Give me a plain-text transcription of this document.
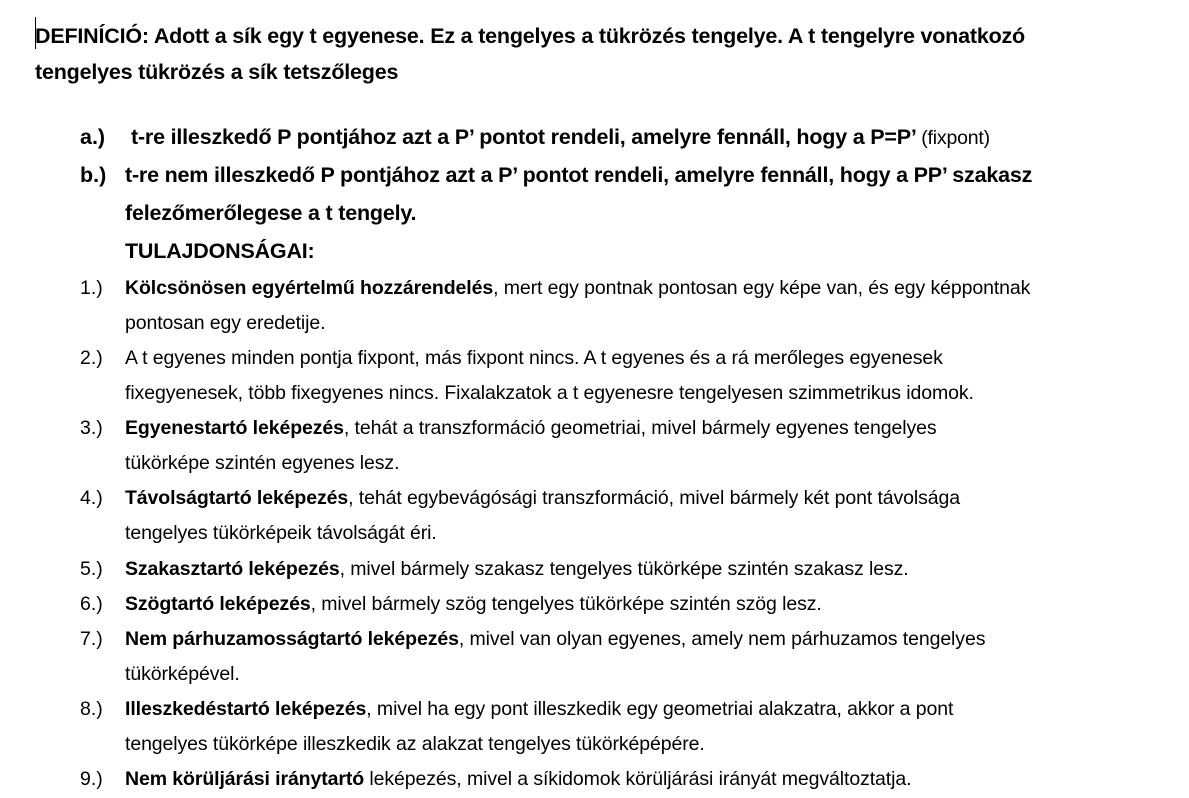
DEFINÍCIÓ: Adott a sík egy t egyenese. Ez a tengelyes a tükrözés tengelye. A t tengelyre vonatkozó
tengelyes tükrözés a sík tetszőleges
a.) t-re illeszkedő P pontjához azt a P’ pontot rendeli, amelyre fennáll, hogy a P=P’ (fixpont)
b.) t-re nem illeszkedő P pontjához azt a P’ pontot rendeli, amelyre fennáll, hogy a PP’ szakasz
felezőmerőlegese a t tengely.
TULAJDONSÁGAI:
1.) Kölcsönösen egyértelmű hozzárendelés, mert egy pontnak pontosan egy képe van, és egy képpontnak
pontosan egy eredetije.
2.) A t egyenes minden pontja fixpont, más fixpont nincs. A t egyenes és a rá merőleges egyenesek
fixegyenesek, több fixegyenes nincs. Fixalakzatok a t egyenesre tengelyesen szimmetrikus idomok.
3.) Egyenestartó leképezés, tehát a transzformáció geometriai, mivel bármely egyenes tengelyes
tükörképe szintén egyenes lesz.
4.) Távolságtartó leképezés, tehát egybevágósági transzformáció, mivel bármely két pont távolsága
tengelyes tükörképeik távolságát éri.
5.) Szakasztartó leképezés, mivel bármely szakasz tengelyes tükörképe szintén szakasz lesz.
6.) Szögtartó leképezés, mivel bármely szög tengelyes tükörképe szintén szög lesz.
7.) Nem párhuzamosságtartó leképezés, mivel van olyan egyenes, amely nem párhuzamos tengelyes
tükörképével.
8.) Illeszkedéstartó leképezés, mivel ha egy pont illeszkedik egy geometriai alakzatra, akkor a pont
tengelyes tükörképe illeszkedik az alakzat tengelyes tükörképépére.
9.) Nem körüljárási iránytartó leképezés, mivel a síkidomok körüljárási irányát megváltoztatja.
